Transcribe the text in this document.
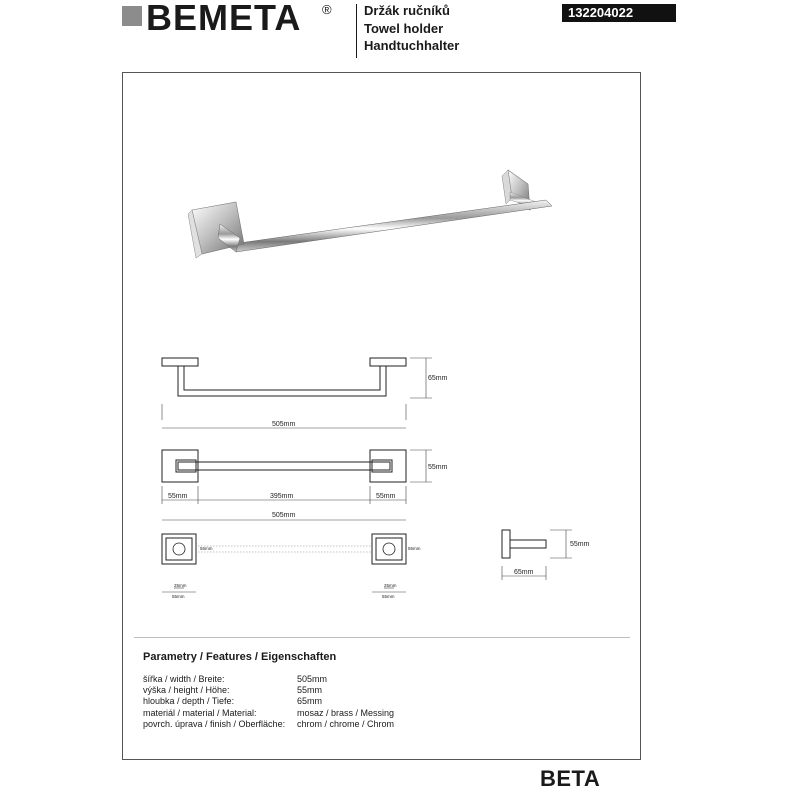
BEMETA ® Držák ručníků
Towel holder
Handtuchhalter
132204022
65mm
505mm
55mm
55mm	395mm	55mm
505mm
55mm	55mm
25mm
55mm
25mm
55mm
55mm
65mm
Parametry / Features / Eigenschaften
šířka / width / Breite:	505mm
výška / height / Höhe:	55mm
hloubka / depth / Tiefe:	65mm
materiál / material / Material:	mosaz / brass / Messing
povrch. úprava / finish / Oberfläche:	chrom / chrome / Chrom
BETA
